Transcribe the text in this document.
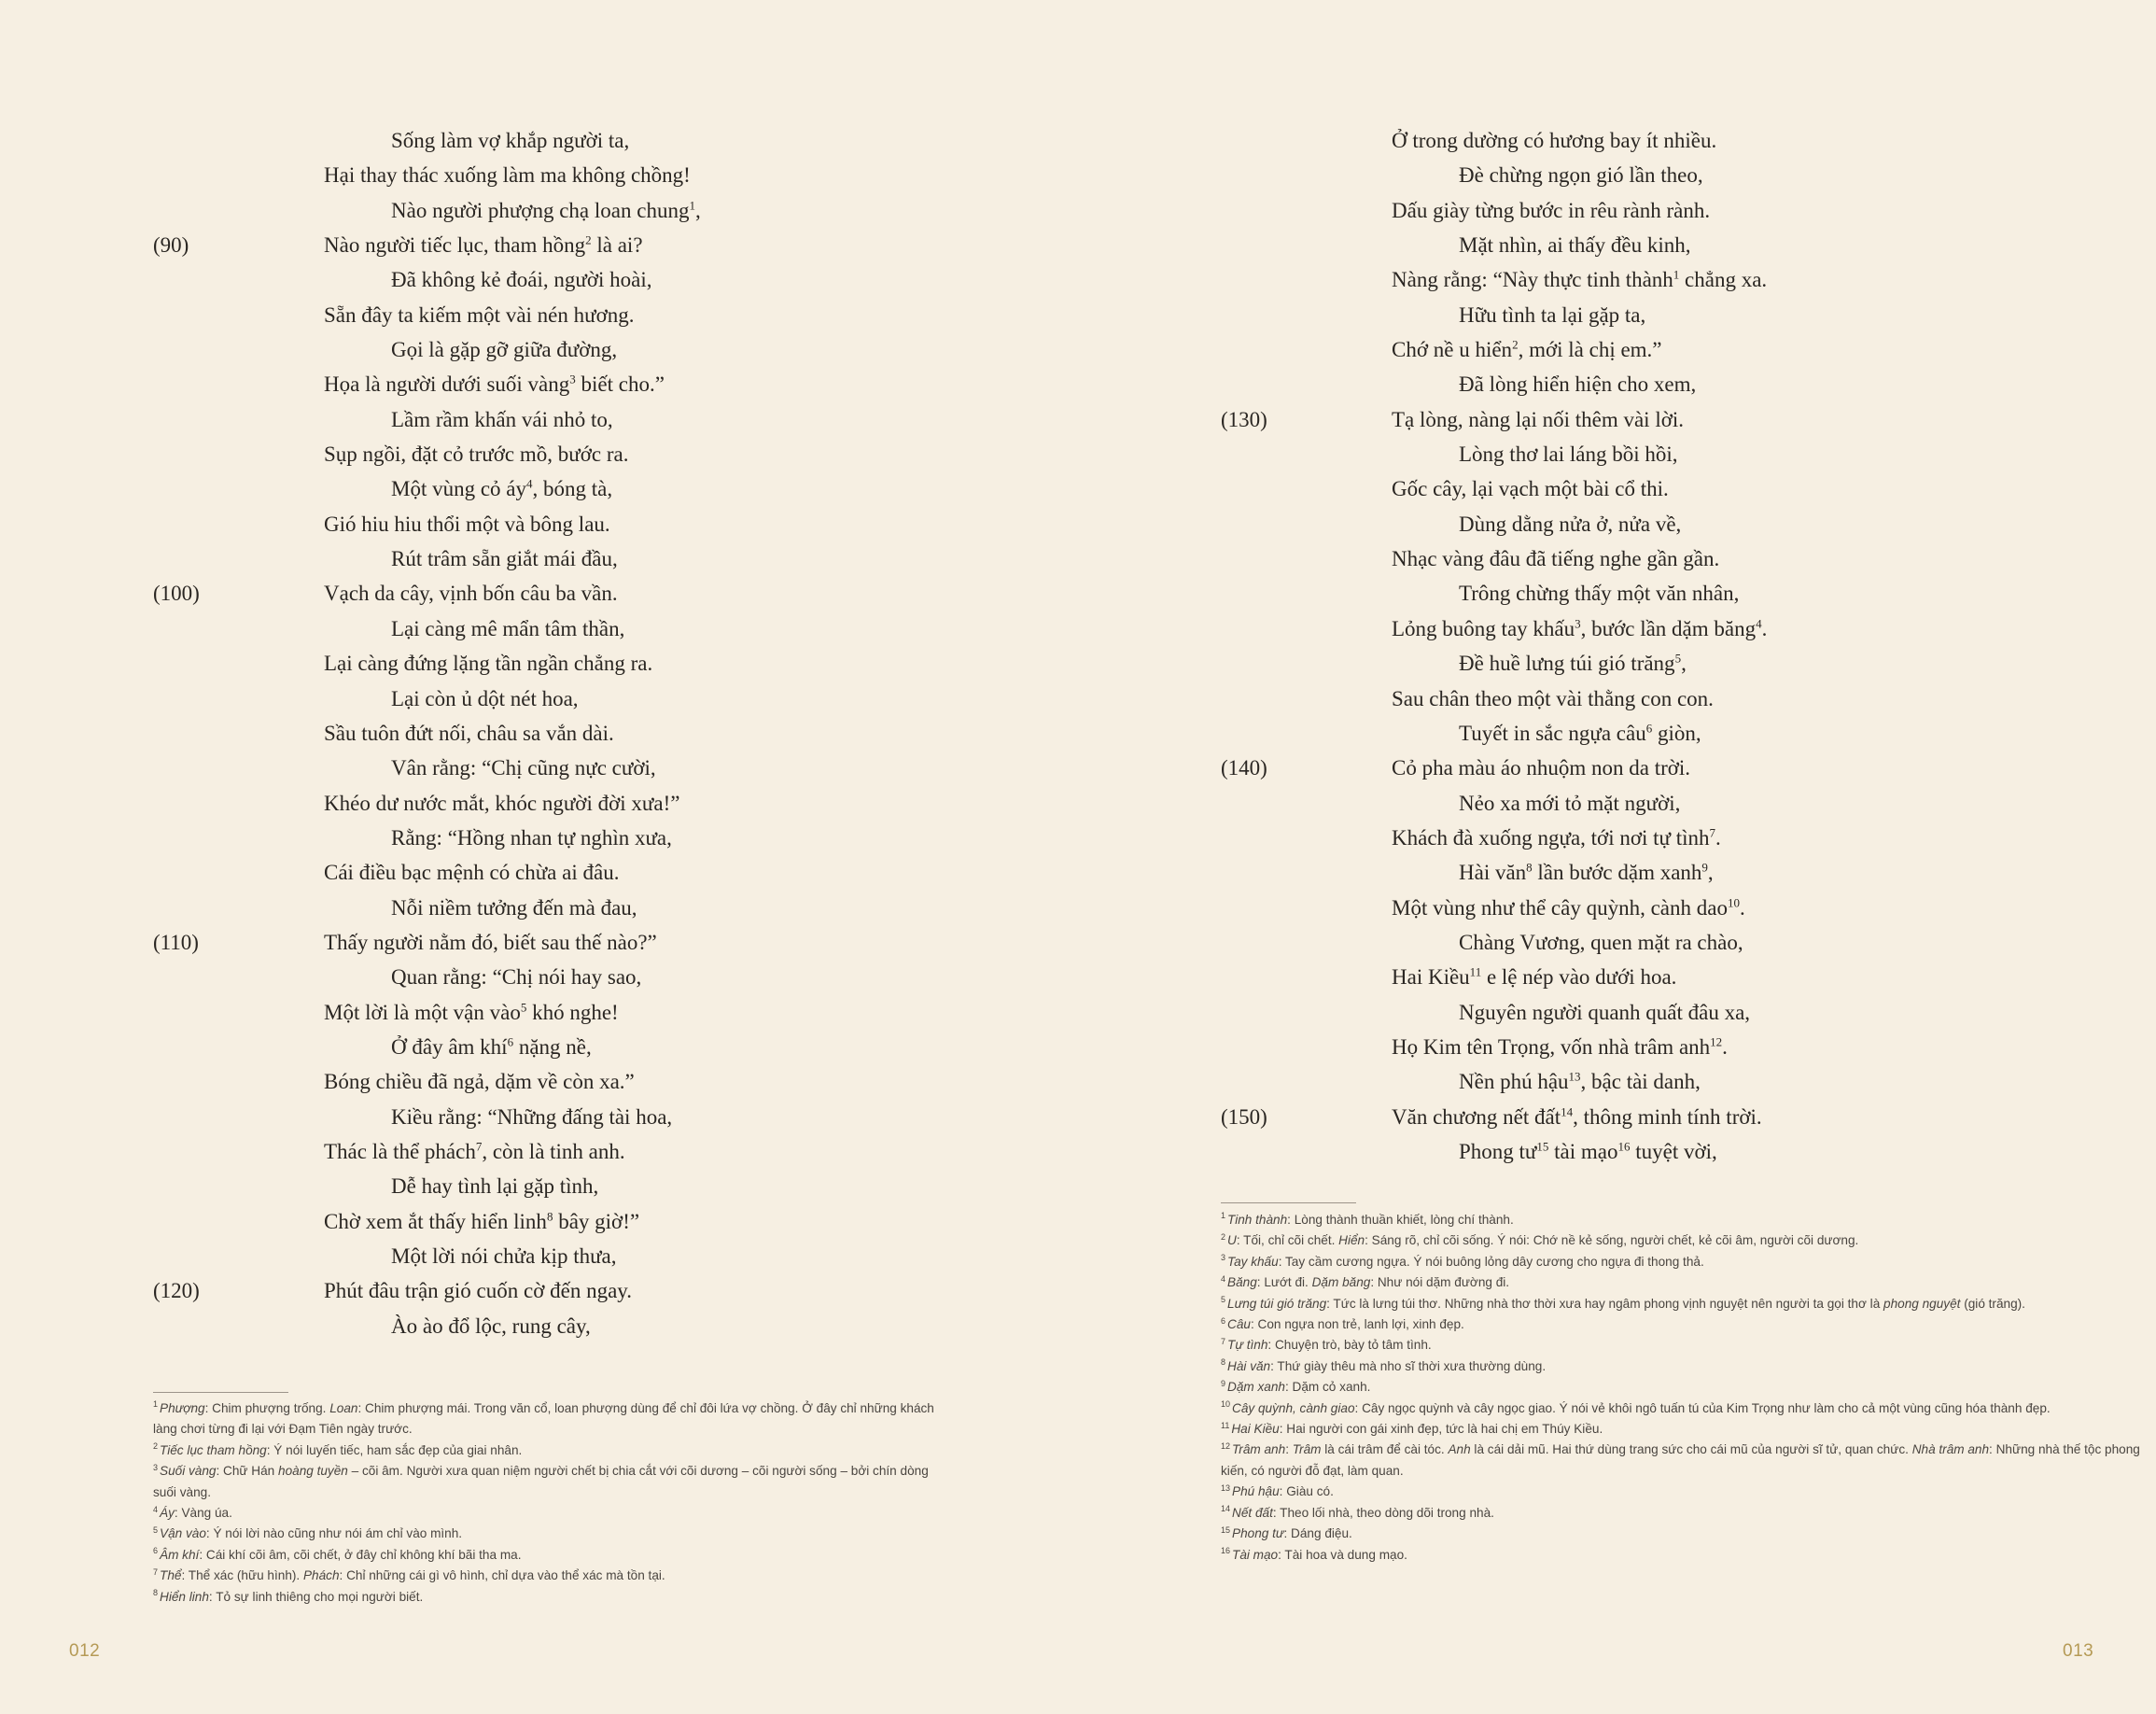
Sống làm vợ khắp người ta,
Hại thay thác xuống làm ma không chồng!
Nào người phượng chạ loan chung$^1$,
(90)	Nào người tiếc lục, tham hồng$^2$ là ai?
Đã không kẻ đoái, người hoài,
Sẵn đây ta kiếm một vài nén hương.
Gọi là gặp gỡ giữa đường,
Họa là người dưới suối vàng$^3$ biết cho.”
Lầm rầm khấn vái nhỏ to,
Sụp ngồi, đặt cỏ trước mồ, bước ra.
Một vùng cỏ áy$^4$, bóng tà,
Gió hiu hiu thổi một và bông lau.
Rút trâm sẵn giắt mái đầu,
(100)	Vạch da cây, vịnh bốn câu ba vần.
Lại càng mê mẩn tâm thần,
Lại càng đứng lặng tần ngần chẳng ra.
Lại còn ủ dột nét hoa,
Sầu tuôn đứt nối, châu sa vắn dài.
Vân rằng: “Chị cũng nực cười,
Khéo dư nước mắt, khóc người đời xưa!”
Rằng: “Hồng nhan tự nghìn xưa,
Cái điều bạc mệnh có chừa ai đâu.
Nỗi niềm tưởng đến mà đau,
(110)	Thấy người nằm đó, biết sau thế nào?”
Quan rằng: “Chị nói hay sao,
Một lời là một vận vào$^5$ khó nghe!
Ở đây âm khí$^6$ nặng nề,
Bóng chiều đã ngả, dặm về còn xa.”
Kiều rằng: “Những đấng tài hoa,
Thác là thể phách$^7$, còn là tinh anh.
Dễ hay tình lại gặp tình,
Chờ xem ắt thấy hiển linh$^8$ bây giờ!”
Một lời nói chửa kịp thưa,
(120)	Phút đâu trận gió cuốn cờ đến ngay.
Ào ào đổ lộc, rung cây,
$^1$ Phượng: Chim phượng trống. Loan: Chim phượng mái. Trong văn cổ, loan phượng dùng để chỉ đôi lứa vợ chồng. Ở đây chỉ những khách làng chơi từng đi lại với Đạm Tiên ngày trước.
$^2$ Tiếc lục tham hồng: Ý nói luyến tiếc, ham sắc đẹp của giai nhân.
$^3$ Suối vàng: Chữ Hán hoàng tuyền – cõi âm. Người xưa quan niệm người chết bị chia cắt với cõi dương – cõi người sống – bởi chín dòng suối vàng.
$^4$ Áy: Vàng úa.
$^5$ Vận vào: Ý nói lời nào cũng như nói ám chỉ vào mình.
$^6$ Âm khí: Cái khí cõi âm, cõi chết, ở đây chỉ không khí bãi tha ma.
$^7$ Thể: Thể xác (hữu hình). Phách: Chỉ những cái gì vô hình, chỉ dựa vào thể xác mà tồn tại.
$^8$ Hiển linh: Tỏ sự linh thiêng cho mọi người biết.
012
Ở trong dường có hương bay ít nhiều.
Đè chừng ngọn gió lần theo,
Dấu giày từng bước in rêu rành rành.
Mặt nhìn, ai thấy đều kinh,
Nàng rằng: “Này thực tinh thành$^1$ chẳng xa.
Hữu tình ta lại gặp ta,
Chớ nề u hiển$^2$, mới là chị em.”
Đã lòng hiển hiện cho xem,
(130)	Tạ lòng, nàng lại nối thêm vài lời.
Lòng thơ lai láng bồi hồi,
Gốc cây, lại vạch một bài cổ thi.
Dùng dằng nửa ở, nửa về,
Nhạc vàng đâu đã tiếng nghe gần gần.
Trông chừng thấy một văn nhân,
Lỏng buông tay khấu$^3$, bước lần dặm băng$^4$.
Đề huề lưng túi gió trăng$^5$,
Sau chân theo một vài thằng con con.
Tuyết in sắc ngựa câu$^6$ giòn,
(140)	Cỏ pha màu áo nhuộm non da trời.
Nẻo xa mới tỏ mặt người,
Khách đà xuống ngựa, tới nơi tự tình$^7$.
Hài văn$^8$ lần bước dặm xanh$^9$,
Một vùng như thể cây quỳnh, cành dao$^{10}$.
Chàng Vương, quen mặt ra chào,
Hai Kiều$^{11}$ e lệ nép vào dưới hoa.
Nguyên người quanh quất đâu xa,
Họ Kim tên Trọng, vốn nhà trâm anh$^{12}$.
Nền phú hậu$^{13}$, bậc tài danh,
(150)	Văn chương nết đất$^{14}$, thông minh tính trời.
Phong tư$^{15}$ tài mạo$^{16}$ tuyệt vời,
$^1$ Tinh thành: Lòng thành thuần khiết, lòng chí thành.
$^2$ U: Tối, chỉ cõi chết. Hiển: Sáng rõ, chỉ cõi sống. Ý nói: Chớ nề kẻ sống, người chết, kẻ cõi âm, người cõi dương.
$^3$ Tay khấu: Tay cầm cương ngựa. Ý nói buông lỏng dây cương cho ngựa đi thong thả.
$^4$ Băng: Lướt đi. Dặm băng: Như nói dặm đường đi.
$^5$ Lưng túi gió trăng: Tức là lưng túi thơ. Những nhà thơ thời xưa hay ngâm phong vịnh nguyệt nên người ta gọi thơ là phong nguyệt (gió trăng).
$^6$ Câu: Con ngựa non trẻ, lanh lợi, xinh đẹp.
$^7$ Tự tình: Chuyện trò, bày tỏ tâm tình.
$^8$ Hài văn: Thứ giày thêu mà nho sĩ thời xưa thường dùng.
$^9$ Dặm xanh: Dặm cỏ xanh.
$^{10}$ Cây quỳnh, cành giao: Cây ngọc quỳnh và cây ngọc giao. Ý nói vẻ khôi ngô tuấn tú của Kim Trọng như làm cho cả một vùng cũng hóa thành đẹp.
$^{11}$ Hai Kiều: Hai người con gái xinh đẹp, tức là hai chị em Thúy Kiều.
$^{12}$ Trâm anh: Trâm là cái trâm để cài tóc. Anh là cái dải mũ. Hai thứ dùng trang sức cho cái mũ của người sĩ tử, quan chức. Nhà trâm anh: Những nhà thế tộc phong kiến, có người đỗ đạt, làm quan.
$^{13}$ Phú hậu: Giàu có.
$^{14}$ Nết đất: Theo lối nhà, theo dòng dõi trong nhà.
$^{15}$ Phong tư: Dáng điệu.
$^{16}$ Tài mạo: Tài hoa và dung mạo.
013
